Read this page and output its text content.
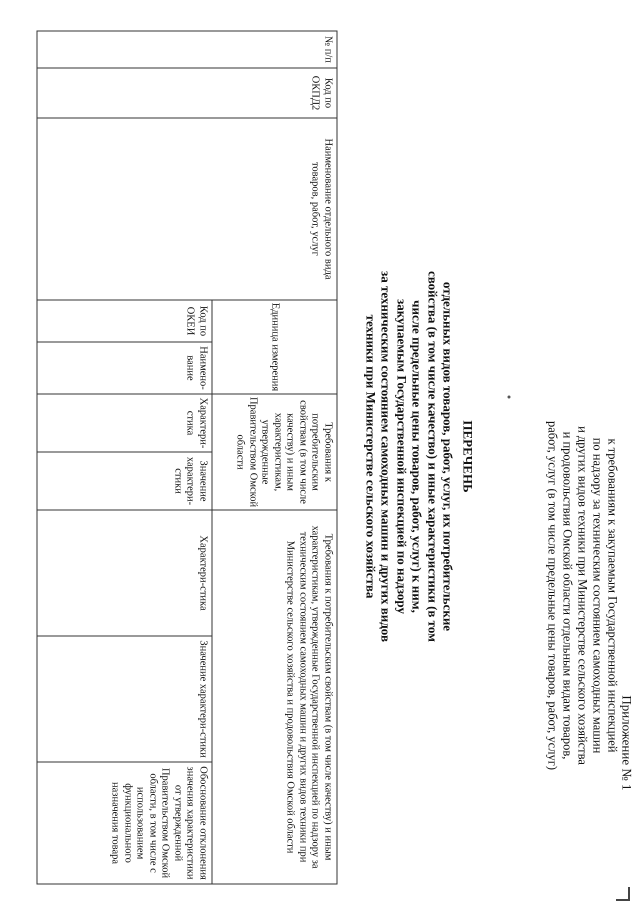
Приложение № 1
к требованиям к закупаемым Государственной инспекцией
по надзору за техническим состоянием самоходных машин
и других видов техники при Министерстве сельского хозяйства
и продовольствия Омской области отдельным видам товаров,
работ, услуг (в том числе предельные цены товаров, работ, услуг)
ПЕРЕЧЕНЬ
отдельных видов товаров, работ, услуг, их потребительские
свойства (в том числе качество) и иные характеристики (в том
числе предельные цены товаров, работ, услуг) к ним,
закупаемым Государственной инспекцией по надзору
за техническим состоянием самоходных машин и других видов
техники при Министерстве сельского хозяйства
№ п/п	Код по ОКПД2	Наименование отдельного вида товаров, работ, услуг	Единица измерения		Требования к потребительским свойствам (в том числе качеству) и иным характеристикам, утвержденные Правительством Омской области		Требования к потребительским свойствам (в том числе качеству) и иным характеристикам, утвержденные Государственной инспекцией по надзору за техническим состоянием самоходных машин и других видов техники при Министерстве сельского хозяйства и продовольствия Омской области		
			Код по ОКЕИ	Наимено-вание	Характери-стика	Значение характери-стики	Характери-стика	Значение характери-стики	Обоснование отклонения значения характеристики от утвержденной Правительством Омской области, в том числе с использованием функционального назначения товара
